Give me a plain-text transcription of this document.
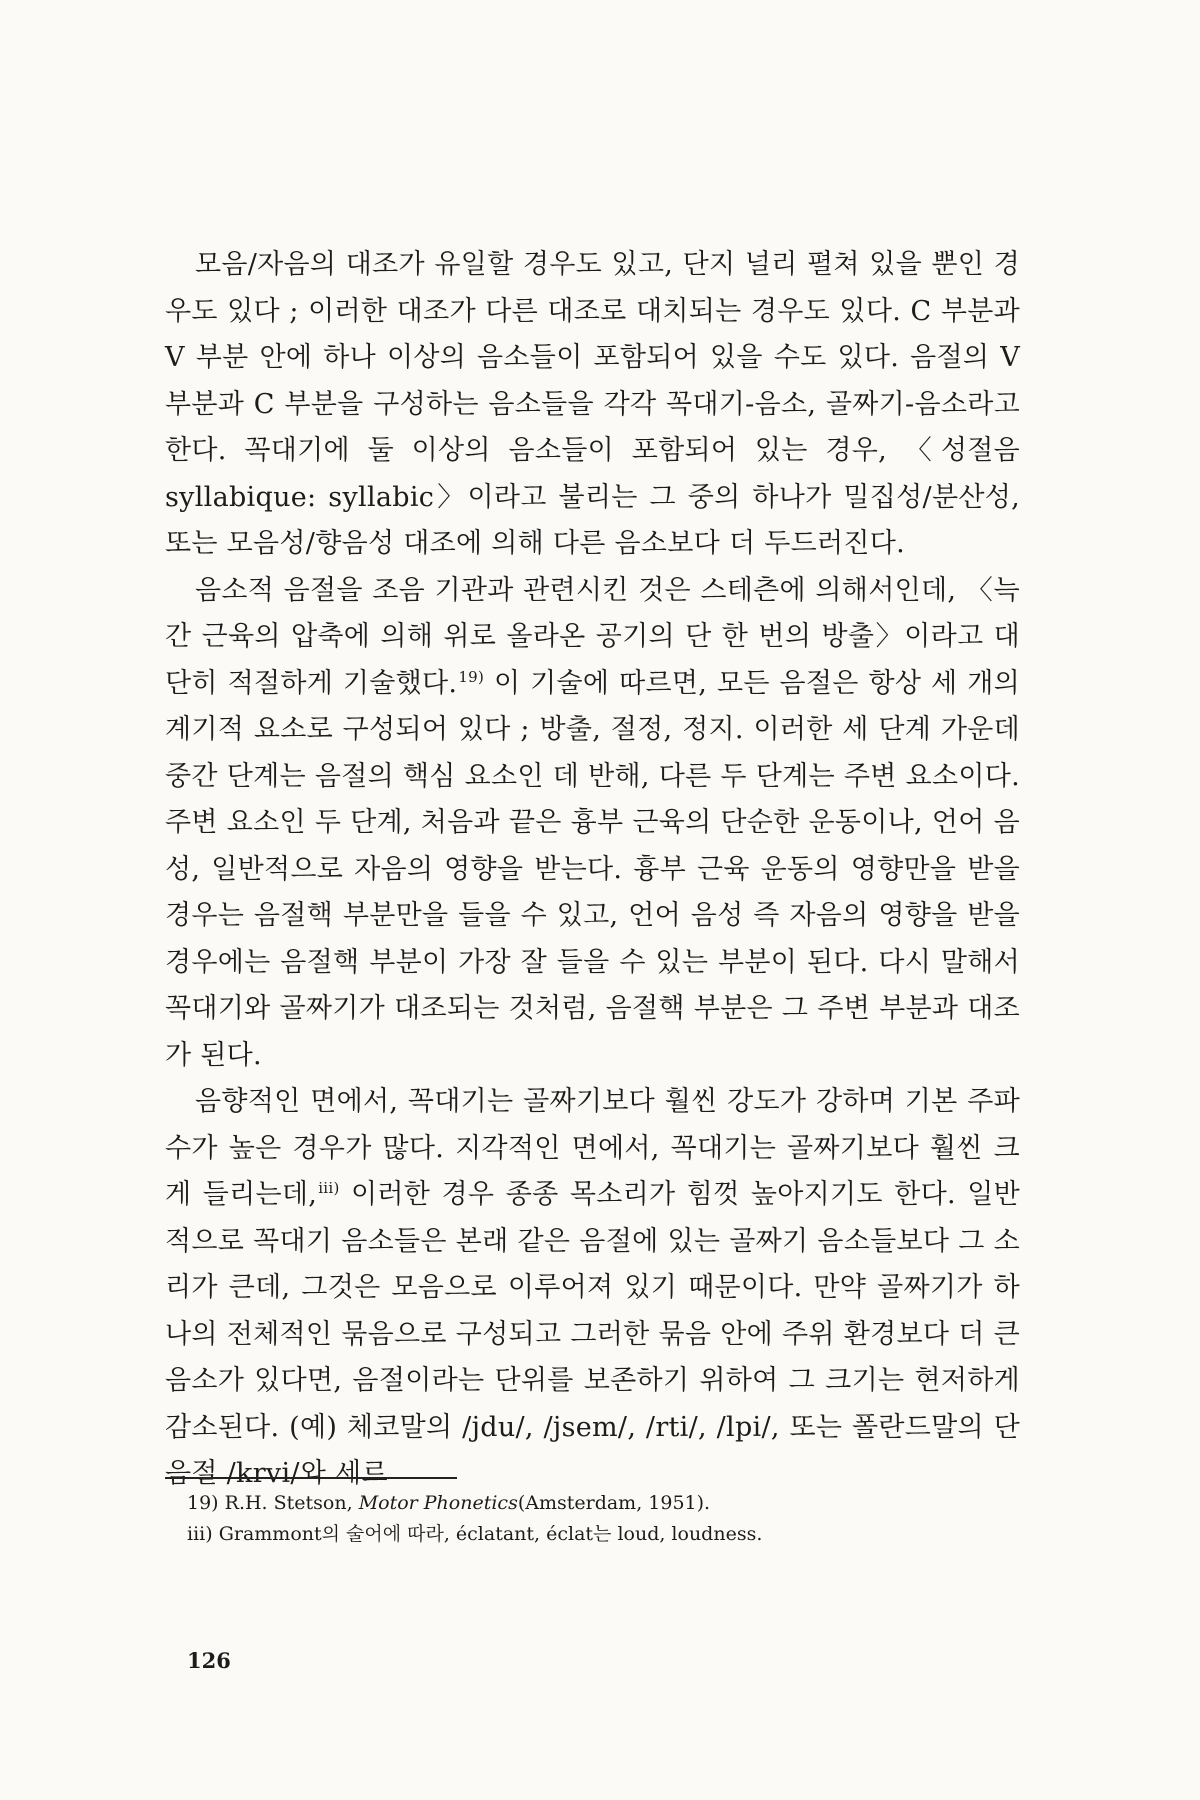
모음/자음의 대조가 유일할 경우도 있고, 단지 널리 펼쳐 있을 뿐인 경우도 있다 ; 이러한 대조가 다른 대조로 대치되는 경우도 있다. C 부분과 V 부분 안에 하나 이상의 음소들이 포함되어 있을 수도 있다. 음절의 V 부분과 C 부분을 구성하는 음소들을 각각 꼭대기-음소, 골짜기-음소라고 한다. 꼭대기에 둘 이상의 음소들이 포함되어 있는 경우, 〈성절음 syllabique: syllabic〉이라고 불리는 그 중의 하나가 밀집성/분산성, 또는 모음성/향음성 대조에 의해 다른 음소보다 더 두드러진다.

음소적 음절을 조음 기관과 관련시킨 것은 스테츤에 의해서인데, 〈늑간 근육의 압축에 의해 위로 올라온 공기의 단 한 번의 방출〉이라고 대단히 적절하게 기술했다.$^{19)}$ 이 기술에 따르면, 모든 음절은 항상 세 개의 계기적 요소로 구성되어 있다 ; 방출, 절정, 정지. 이러한 세 단계 가운데 중간 단계는 음절의 핵심 요소인 데 반해, 다른 두 단계는 주변 요소이다. 주변 요소인 두 단계, 처음과 끝은 흉부 근육의 단순한 운동이나, 언어 음성, 일반적으로 자음의 영향을 받는다. 흉부 근육 운동의 영향만을 받을 경우는 음절핵 부분만을 들을 수 있고, 언어 음성 즉 자음의 영향을 받을 경우에는 음절핵 부분이 가장 잘 들을 수 있는 부분이 된다. 다시 말해서 꼭대기와 골짜기가 대조되는 것처럼, 음절핵 부분은 그 주변 부분과 대조가 된다.

음향적인 면에서, 꼭대기는 골짜기보다 훨씬 강도가 강하며 기본 주파수가 높은 경우가 많다. 지각적인 면에서, 꼭대기는 골짜기보다 훨씬 크게 들리는데,$^{iii)}$ 이러한 경우 종종 목소리가 힘껏 높아지기도 한다. 일반적으로 꼭대기 음소들은 본래 같은 음절에 있는 골짜기 음소들보다 그 소리가 큰데, 그것은 모음으로 이루어져 있기 때문이다. 만약 골짜기가 하나의 전체적인 묶음으로 구성되고 그러한 묶음 안에 주위 환경보다 더 큰 음소가 있다면, 음절이라는 단위를 보존하기 위하여 그 크기는 현저하게 감소된다. (예) 체코말의 /jdu/, /jsem/, /rti/, /lpi/, 또는 폴란드말의 단음절 /krvi/와 세르

19) R.H. Stetson, Motor Phonetics(Amsterdam, 1951).
iii) Grammont의 술어에 따라, éclatant, éclat는 loud, loudness.
126
